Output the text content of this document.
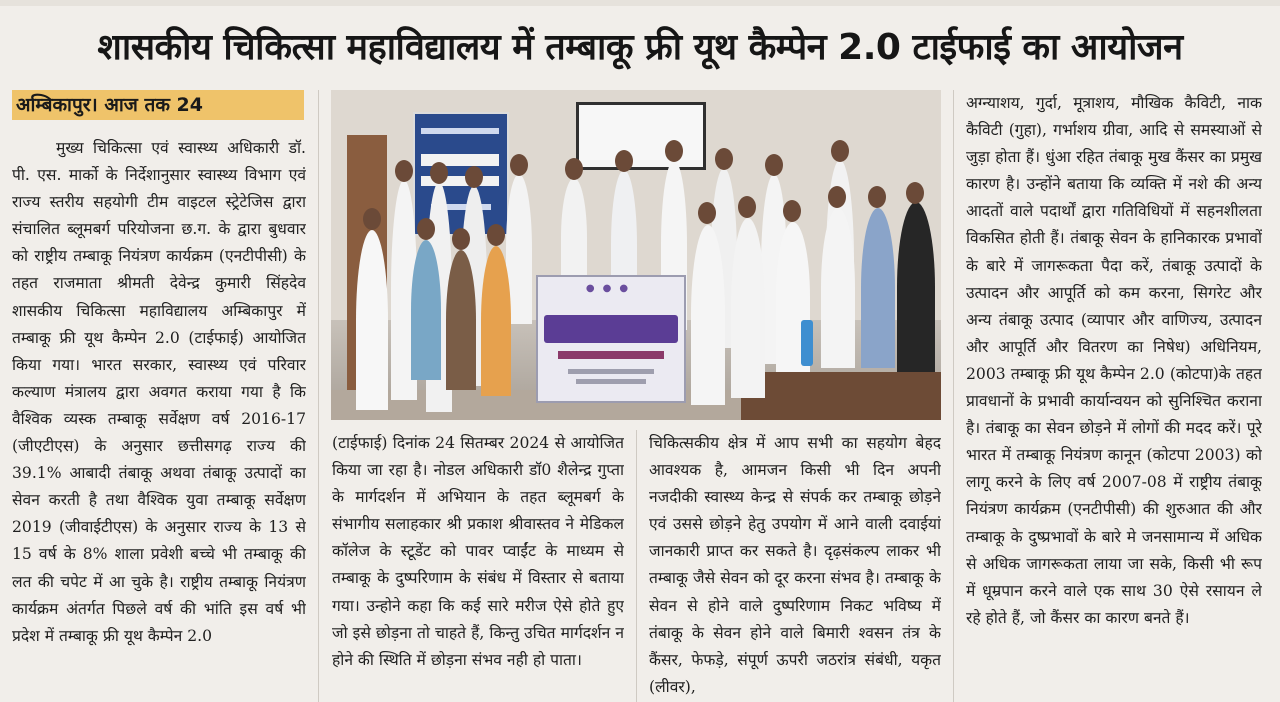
शासकीय चिकित्सा महाविद्यालय में तम्बाकू फ्री यूथ कैम्पेन 2.0 टाईफाई का आयोजन
अम्बिकापुर। आज तक 24

मुख्य चिकित्सा एवं स्वास्थ्य अधिकारी डॉ. पी. एस. मार्को के निर्देशानुसार स्वास्थ्य विभाग एवं राज्य स्तरीय सहयोगी टीम वाइटल स्ट्रेटेजिस द्वारा संचालित ब्लूमबर्ग परियोजना छ.ग. के द्वारा बुधवार को राष्ट्रीय तम्बाकू नियंत्रण कार्यक्रम (एनटीपीसी) के तहत राजमाता श्रीमती देवेन्द्र कुमारी सिंहदेव शासकीय चिकित्सा महाविद्यालय अम्बिकापुर में तम्बाकू फ्री यूथ कैम्पेन 2.0 (टाईफाई) आयोजित किया गया। भारत सरकार, स्वास्थ्य एवं परिवार कल्याण मंत्रालय द्वारा अवगत कराया गया है कि वैश्विक व्यस्क तम्बाकू सर्वेक्षण वर्ष 2016-17 (जीएटीएस) के अनुसार छत्तीसगढ़ राज्य की 39.1% आबादी तंबाकू अथवा तंबाकू उत्पादों का सेवन करती है तथा वैश्विक युवा तम्बाकू सर्वेक्षण 2019 (जीवाईटीएस) के अनुसार राज्य के 13 से 15 वर्ष के 8% शाला प्रवेशी बच्चे भी तम्बाकू की लत की चपेट में आ चुके है। राष्ट्रीय तम्बाकू नियंत्रण कार्यक्रम अंतर्गत पिछले वर्ष की भांति इस वर्ष भी प्रदेश में तम्बाकू फ्री यूथ कैम्पेन 2.0

●●●

(टाईफाई) दिनांक 24 सितम्बर 2024 से आयोजित किया जा रहा है। नोडल अधिकारी डॉ0 शैलेन्द्र गुप्ता के मार्गदर्शन में अभियान के तहत ब्लूमबर्ग के संभागीय सलाहकार श्री प्रकाश श्रीवास्तव ने मेडिकल कॉलेज के स्टूडेंट को पावर प्वाईंट के माध्यम से तम्बाकू के दुष्परिणाम के संबंध में विस्तार से बताया गया। उन्होने कहा कि कई सारे मरीज ऐसे होते हुए जो इसे छोड़ना तो चाहते हैं, किन्तु उचित मार्गदर्शन न होने की स्थिति में छोड़ना संभव नही हो पाता।

चिकित्सकीय क्षेत्र में आप सभी का सहयोग बेहद आवश्यक है, आमजन किसी भी दिन अपनी नजदीकी स्वास्थ्य केन्द्र से संपर्क कर तम्बाकू छोड़ने एवं उससे छोड़ने हेतु उपयोग में आने वाली दवाईयां जानकारी प्राप्त कर सकते है। दृढ़संकल्प लाकर भी तम्बाकू जैसे सेवन को दूर करना संभव है। तम्बाकू के सेवन से होने वाले दुष्परिणाम निकट भविष्य में तंबाकू के सेवन होने वाले बिमारी श्वसन तंत्र के कैंसर, फेफड़े, संपूर्ण ऊपरी जठरांत्र संबंधी, यकृत (लीवर),

अग्न्याशय, गुर्दा, मूत्राशय, मौखिक कैविटी, नाक कैविटी (गुहा), गर्भाशय ग्रीवा, आदि से समस्याओं से जुड़ा होता हैं। धुंआ रहित तंबाकू मुख कैंसर का प्रमुख कारण है। उन्होंने बताया कि व्यक्ति में नशे की अन्य आदतों वाले पदार्थों द्वारा गतिविधियों में सहनशीलता विकसित होती हैं। तंबाकू सेवन के हानिकारक प्रभावों के बारे में जागरूकता पैदा करें, तंबाकू उत्पादों के उत्पादन और आपूर्ति को कम करना, सिगरेट और अन्य तंबाकू उत्पाद (व्यापार और वाणिज्य, उत्पादन और आपूर्ति और वितरण का निषेध) अधिनियम, 2003 तम्बाकू फ्री यूथ कैम्पेन 2.0 (कोटपा)के तहत प्रावधानों के प्रभावी कार्यान्वयन को सुनिश्चित कराना है। तंबाकू का सेवन छोड़ने में लोगों की मदद करें। पूरे भारत में तम्बाकू नियंत्रण कानून (कोटपा 2003) को लागू करने के लिए वर्ष 2007-08 में राष्ट्रीय तंबाकू नियंत्रण कार्यक्रम (एनटीपीसी) की शुरुआत की और तम्बाकू के दुष्प्रभावों के बारे मे जनसामान्य में अधिक से अधिक जागरूकता लाया जा सके, किसी भी रूप में धूम्रपान करने वाले एक साथ 30 ऐसे रसायन ले रहे होते हैं, जो कैंसर का कारण बनते हैं।
